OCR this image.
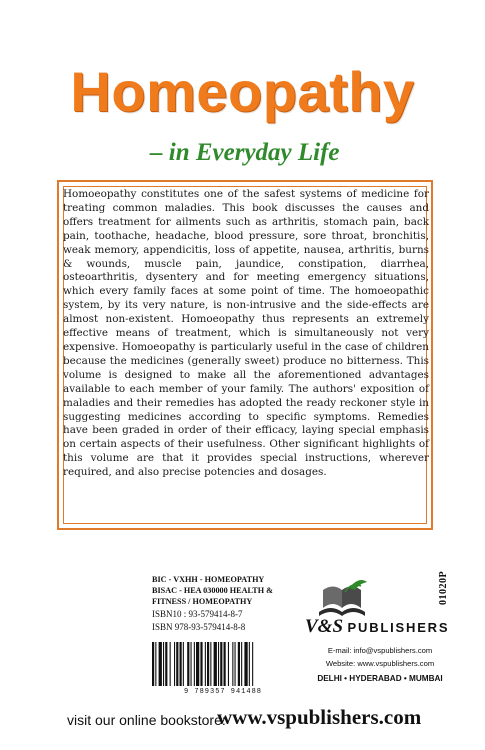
Homeopathy
– in Everyday Life
Homoeopathy constitutes one of the safest systems of medicine for treating common maladies. This book discusses the causes and offers treatment for ailments such as arthritis, stomach pain, back pain, toothache, headache, blood pressure, sore throat, bronchitis, weak memory, appendicitis, loss of appetite, nausea, arthritis, burns & wounds, muscle pain, jaundice, constipation, diarrhea, osteoarthritis, dysentery and for meeting emergency situations, which every family faces at some point of time. The homoeopathic system, by its very nature, is non-intrusive and the side-effects are almost non-existent. Homoeopathy thus represents an extremely effective means of treatment, which is simultaneously not very expensive. Homoeopathy is particularly useful in the case of children because the medicines (generally sweet) produce no bitterness. This volume is designed to make all the aforementioned advantages available to each member of your family. The authors' exposition of maladies and their remedies has adopted the ready reckoner style in suggesting medicines according to specific symptoms. Remedies have been graded in order of their efficacy, laying special emphasis on certain aspects of their usefulness. Other significant highlights of this volume are that it provides special instructions, wherever required, and also precise potencies and dosages.
BIC - VXHH - HOMEOPATHY
BISAC - HEA 030000 HEALTH &
FITNESS / HOMEOPATHY
ISBN10 : 93-579414-8-7
ISBN 978-93-579414-8-8
9 789357 941488
01020P
V&S PUBLISHERS
E-mail: info@vspublishers.com
Website: www.vspublishers.com
DELHI • HYDERABAD • MUMBAI
visit our online bookstore:
www.vspublishers.com
